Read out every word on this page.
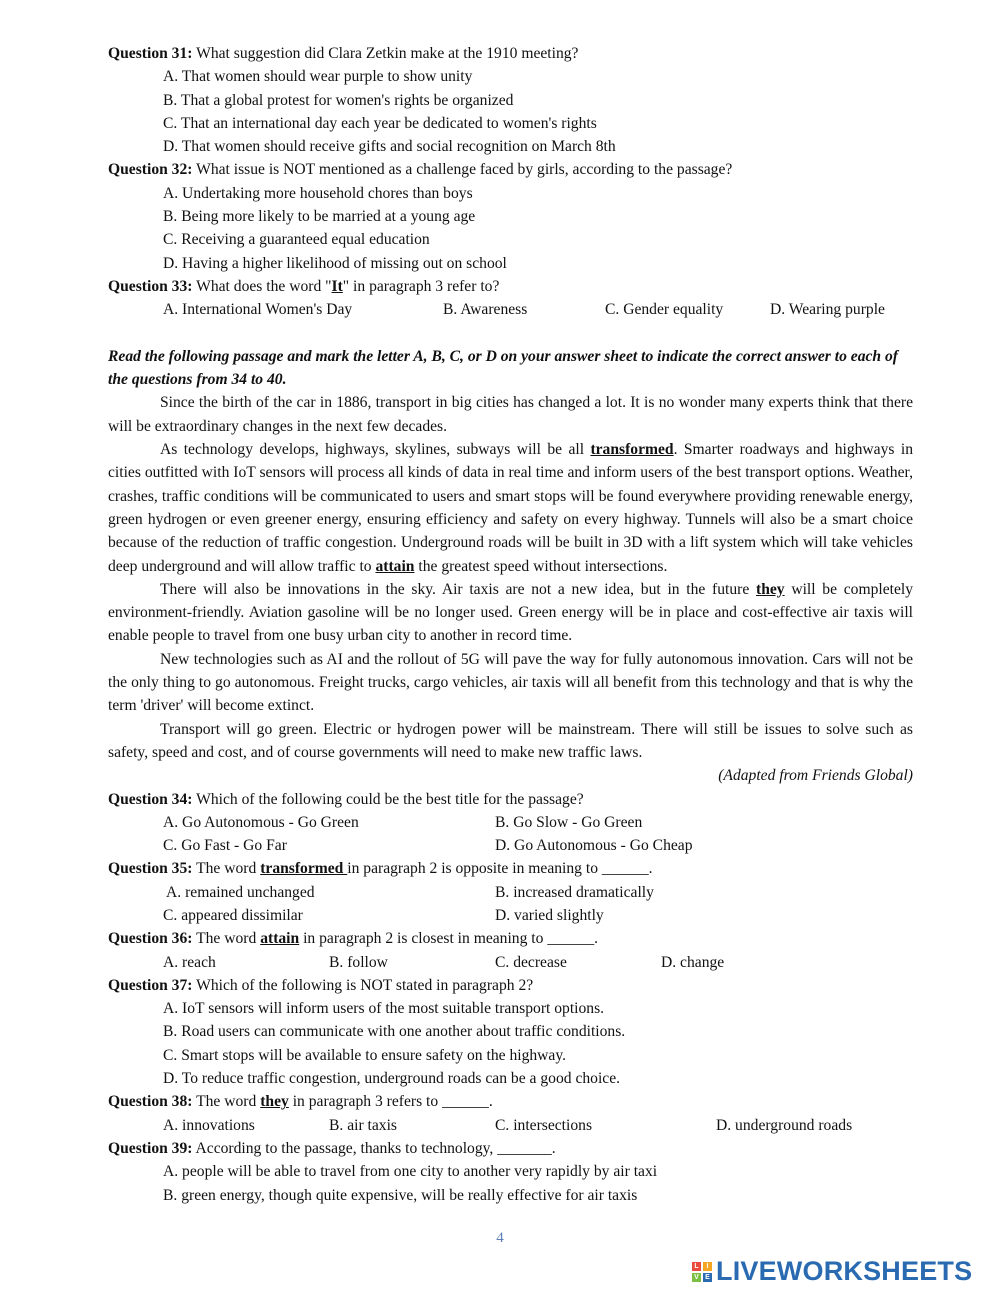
Question 31: What suggestion did Clara Zetkin make at the 1910 meeting?
A. That women should wear purple to show unity
B. That a global protest for women's rights be organized
C. That an international day each year be dedicated to women's rights
D. That women should receive gifts and social recognition on March 8th
Question 32: What issue is NOT mentioned as a challenge faced by girls, according to the passage?
A. Undertaking more household chores than boys
B. Being more likely to be married at a young age
C. Receiving a guaranteed equal education
D. Having a higher likelihood of missing out on school
Question 33: What does the word "It" in paragraph 3 refer to?
A. International Women's Day	B. Awareness	C. Gender equality	D. Wearing purple
Read the following passage and mark the letter A, B, C, or D on your answer sheet to indicate the correct answer to each of the questions from 34 to 40.

Since the birth of the car in 1886, transport in big cities has changed a lot. It is no wonder many experts think that there will be extraordinary changes in the next few decades.

As technology develops, highways, skylines, subways will be all transformed. Smarter roadways and highways in cities outfitted with IoT sensors will process all kinds of data in real time and inform users of the best transport options. Weather, crashes, traffic conditions will be communicated to users and smart stops will be found everywhere providing renewable energy, green hydrogen or even greener energy, ensuring efficiency and safety on every highway. Tunnels will also be a smart choice because of the reduction of traffic congestion. Underground roads will be built in 3D with a lift system which will take vehicles deep underground and will allow traffic to attain the greatest speed without intersections.

There will also be innovations in the sky. Air taxis are not a new idea, but in the future they will be completely environment-friendly. Aviation gasoline will be no longer used. Green energy will be in place and cost-effective air taxis will enable people to travel from one busy urban city to another in record time.

New technologies such as AI and the rollout of 5G will pave the way for fully autonomous innovation. Cars will not be the only thing to go autonomous. Freight trucks, cargo vehicles, air taxis will all benefit from this technology and that is why the term 'driver' will become extinct.

Transport will go green. Electric or hydrogen power will be mainstream. There will still be issues to solve such as safety, speed and cost, and of course governments will need to make new traffic laws.

(Adapted from Friends Global)
Question 34: Which of the following could be the best title for the passage?
A. Go Autonomous - Go Green	B. Go Slow - Go Green
C. Go Fast - Go Far	D. Go Autonomous - Go Cheap
Question 35: The word transformed in paragraph 2 is opposite in meaning to ______.
A. remained unchanged	B. increased dramatically
C. appeared dissimilar	D. varied slightly
Question 36: The word attain in paragraph 2 is closest in meaning to ______.
A. reach	B. follow	C. decrease	D. change
Question 37: Which of the following is NOT stated in paragraph 2?
A. IoT sensors will inform users of the most suitable transport options.
B. Road users can communicate with one another about traffic conditions.
C. Smart stops will be available to ensure safety on the highway.
D. To reduce traffic congestion, underground roads can be a good choice.
Question 38: The word they in paragraph 3 refers to ______.
A. innovations	B. air taxis	C. intersections	D. underground roads
Question 39: According to the passage, thanks to technology, _______.
A. people will be able to travel from one city to another very rapidly by air taxi
B. green energy, though quite expensive, will be really effective for air taxis
4
L	I
V E LIVEWORKSHEETS
